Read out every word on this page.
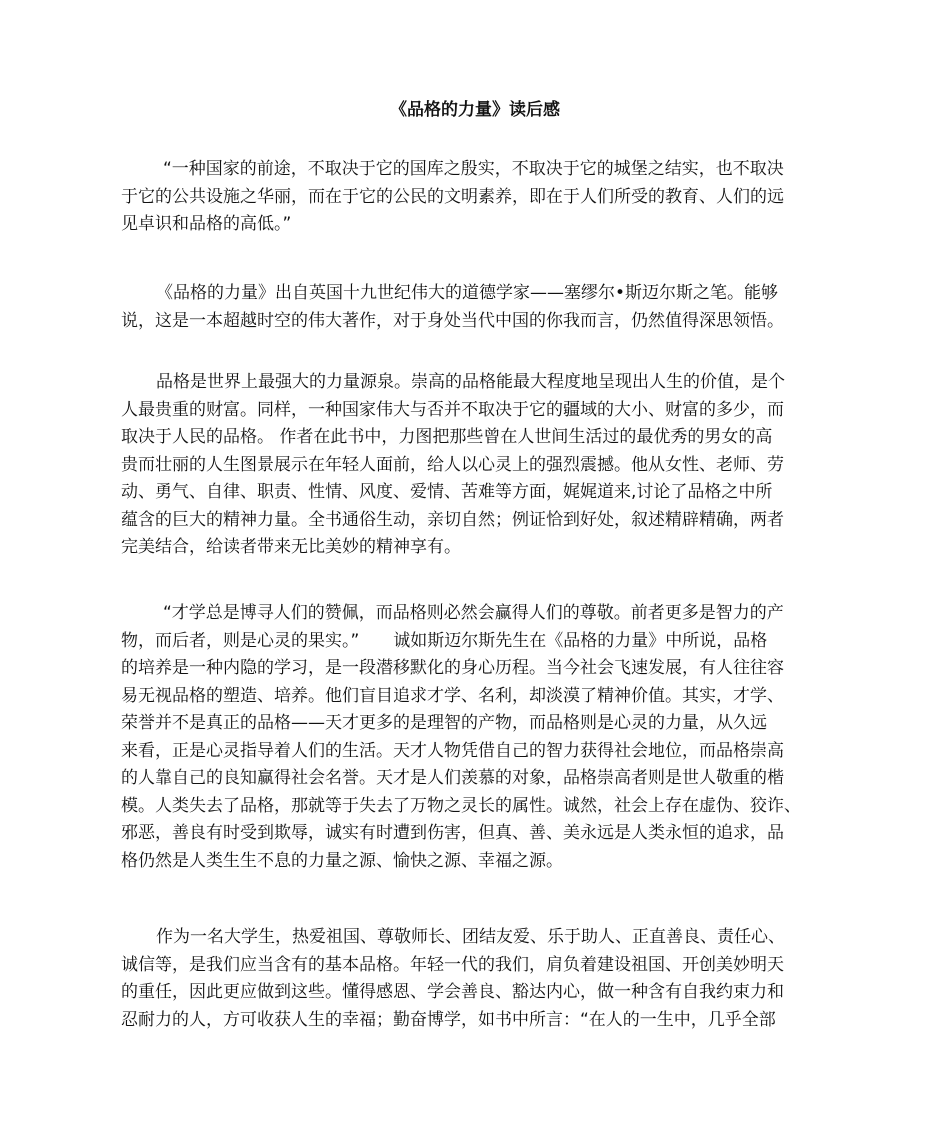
《品格的力量》读后感
“一种国家的前途，不取决于它的国库之殷实，不取决于它的城堡之结实，也不取决
于它的公共设施之华丽，而在于它的公民的文明素养，即在于人们所受的教育、人们的远
见卓识和品格的高低。”
《品格的力量》出自英国十九世纪伟大的道德学家——塞缪尔•斯迈尔斯之笔。能够
说，这是一本超越时空的伟大著作，对于身处当代中国的你我而言，仍然值得深思领悟。
品格是世界上最强大的力量源泉。崇高的品格能最大程度地呈现出人生的价值，是个
人最贵重的财富。同样，一种国家伟大与否并不取决于它的疆域的大小、财富的多少，而
取决于人民的品格。 作者在此书中，力图把那些曾在人世间生活过的最优秀的男女的高
贵而壮丽的人生图景展示在年轻人面前，给人以心灵上的强烈震撼。他从女性、老师、劳
动、勇气、自律、职责、性情、风度、爱情、苦难等方面，娓娓道来,讨论了品格之中所
蕴含的巨大的精神力量。全书通俗生动，亲切自然；例证恰到好处，叙述精辟精确，两者
完美结合，给读者带来无比美妙的精神享有。
“才学总是博寻人们的赞佩，而品格则必然会赢得人们的尊敬。前者更多是智力的产
物，而后者，则是心灵的果实。”　　诚如斯迈尔斯先生在《品格的力量》中所说，品格
的培养是一种内隐的学习，是一段潜移默化的身心历程。当今社会飞速发展，有人往往容
易无视品格的塑造、培养。他们盲目追求才学、名利，却淡漠了精神价值。其实，才学、
荣誉并不是真正的品格——天才更多的是理智的产物，而品格则是心灵的力量，从久远
来看，正是心灵指导着人们的生活。天才人物凭借自己的智力获得社会地位，而品格崇高
的人靠自己的良知赢得社会名誉。天才是人们羡慕的对象，品格崇高者则是世人敬重的楷
模。人类失去了品格，那就等于失去了万物之灵长的属性。诚然，社会上存在虚伪、狡诈、
邪恶，善良有时受到欺辱，诚实有时遭到伤害，但真、善、美永远是人类永恒的追求，品
格仍然是人类生生不息的力量之源、愉快之源、幸福之源。
作为一名大学生，热爱祖国、尊敬师长、团结友爱、乐于助人、正直善良、责任心、
诚信等，是我们应当含有的基本品格。年轻一代的我们，肩负着建设祖国、开创美妙明天
的重任，因此更应做到这些。懂得感恩、学会善良、豁达内心，做一种含有自我约束力和
忍耐力的人，方可收获人生的幸福；勤奋博学，如书中所言：“在人的一生中，几乎全部
